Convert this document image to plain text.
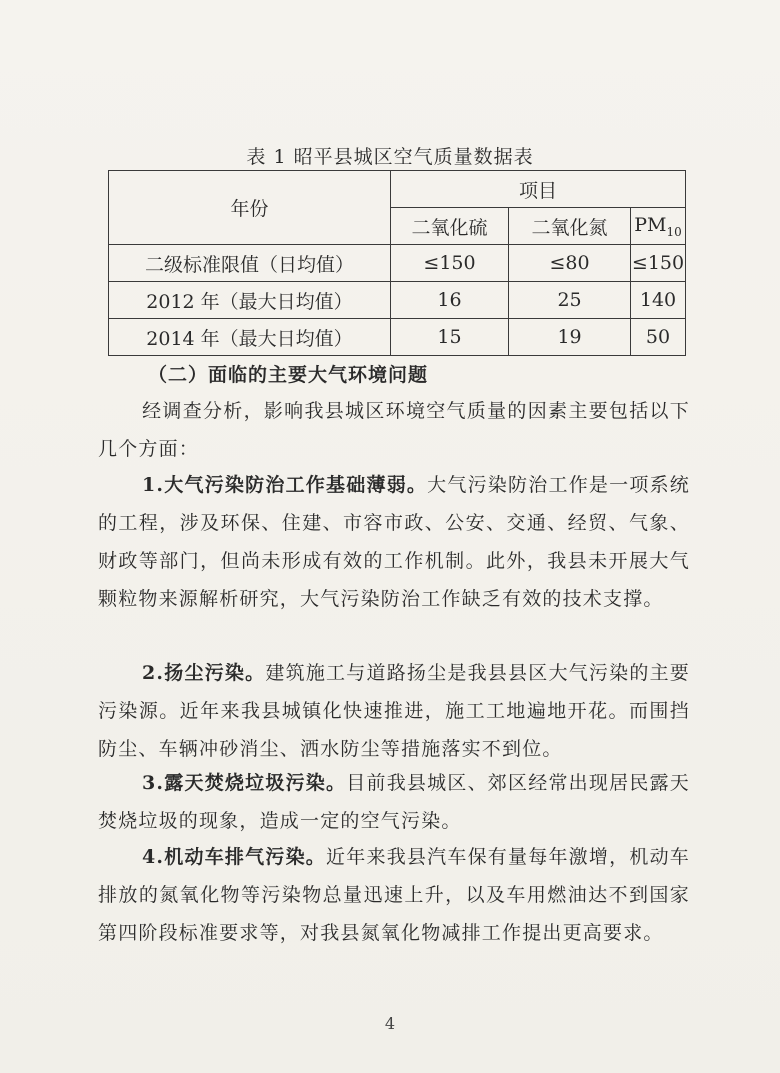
表 1 昭平县城区空气质量数据表
年份	项目		
	二氧化硫	二氧化氮	$PM_{10}$
二级标准限值（日均值）	≤150	≤80	≤150
2012 年（最大日均值）	16	25	140
2014 年（最大日均值）	15	19	50
（二）面临的主要大气环境问题
经调查分析，影响我县城区环境空气质量的因素主要包括以下几个方面：
1.大气污染防治工作基础薄弱。大气污染防治工作是一项系统的工程，涉及环保、住建、市容市政、公安、交通、经贸、气象、财政等部门，但尚未形成有效的工作机制。此外，我县未开展大气颗粒物来源解析研究，大气污染防治工作缺乏有效的技术支撑。
2.扬尘污染。建筑施工与道路扬尘是我县县区大气污染的主要污染源。近年来我县城镇化快速推进，施工工地遍地开花。而围挡防尘、车辆冲砂消尘、洒水防尘等措施落实不到位。
3.露天焚烧垃圾污染。目前我县城区、郊区经常出现居民露天焚烧垃圾的现象，造成一定的空气污染。
4.机动车排气污染。近年来我县汽车保有量每年激增，机动车排放的氮氧化物等污染物总量迅速上升，以及车用燃油达不到国家第四阶段标准要求等，对我县氮氧化物减排工作提出更高要求。
4
